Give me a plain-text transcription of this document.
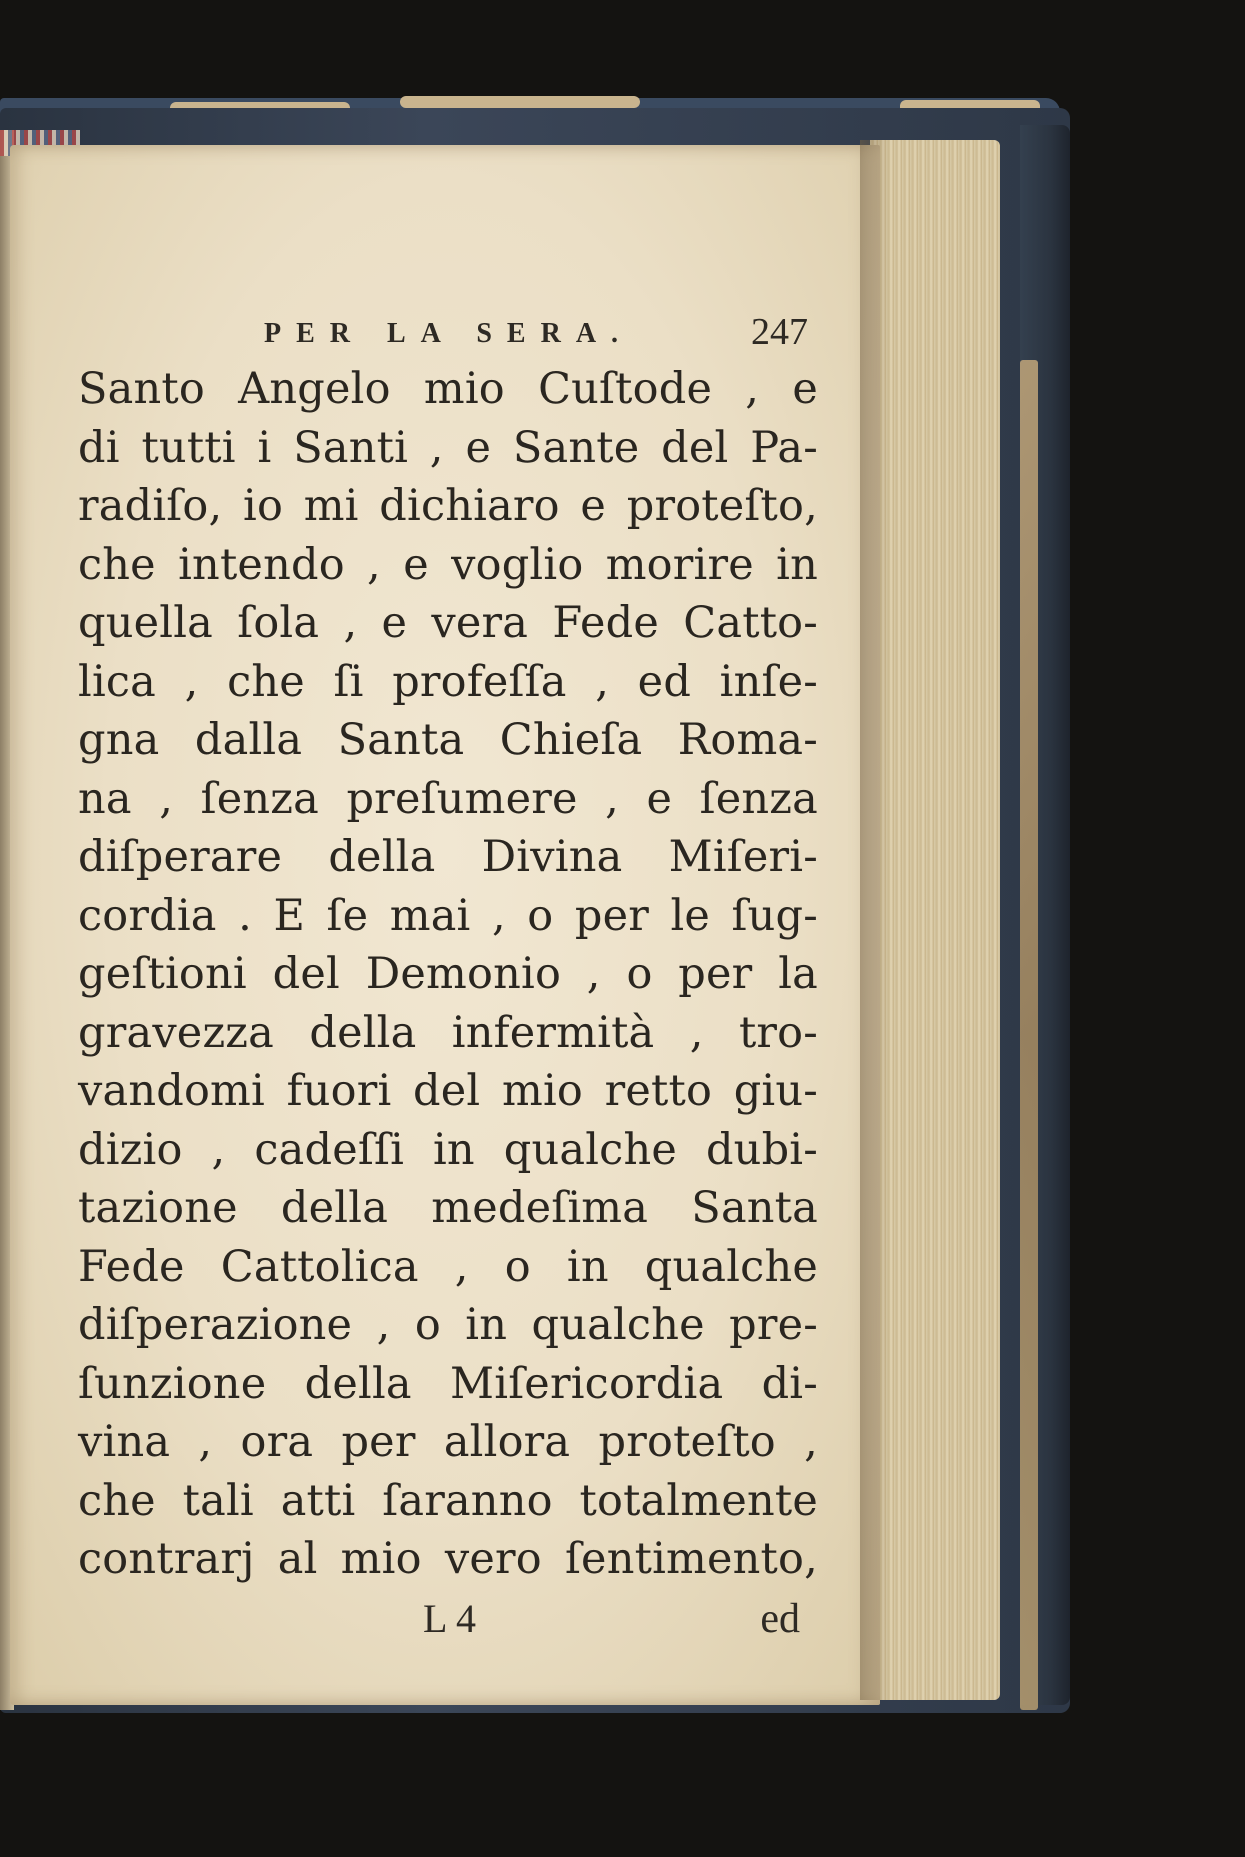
PER LA SERA.	247
Santo Angelo mio Cuſtode , e
di tutti i Santi , e Sante del Pa-
radiſo, io mi dichiaro e proteſto,
che intendo , e voglio morire in
quella ſola , e vera Fede Catto-
lica , che ſi profeſſa , ed inſe-
gna dalla Santa Chieſa Roma-
na , ſenza preſumere , e ſenza
diſperare della Divina Miſeri-
cordia . E ſe mai , o per le ſug-
geſtioni del Demonio , o per la
gravezza della infermità , tro-
vandomi fuori del mio retto giu-
dizio , cadeſſi in qualche dubi-
tazione della medeſima Santa
Fede Cattolica , o in qualche
diſperazione , o in qualche pre-
ſunzione della Miſericordia di-
vina , ora per allora proteſto ,
che tali atti ſaranno totalmente
contrarj al mio vero ſentimento,
L 4	ed
